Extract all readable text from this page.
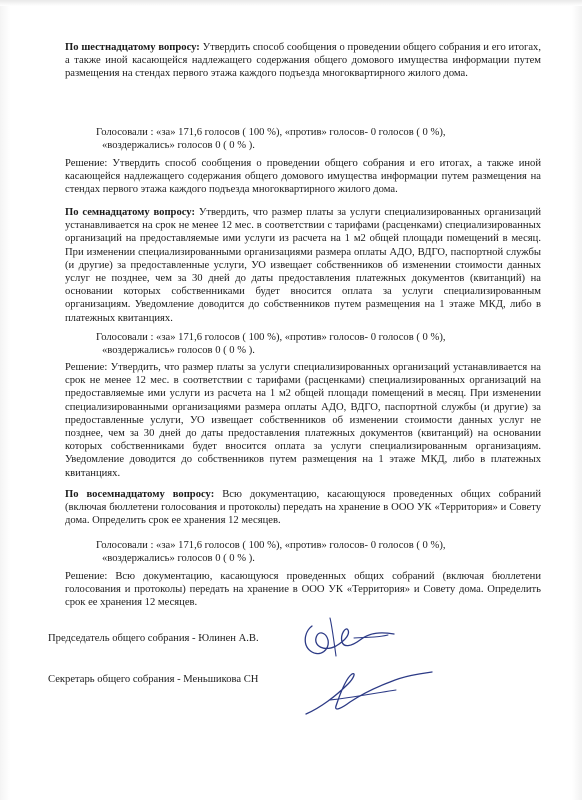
По шестнадцатому вопросу: Утвердить способ сообщения о проведении общего собрания и его итогах, а также иной касающейся надлежащего содержания общего домового имущества информации путем размещения на стендах первого этажа каждого подъезда многоквартирного жилого дома.

Голосовали : «за» 171,6 голосов ( 100 %), «против» голосов- 0 голосов ( 0 %),

«воздержались» голосов 0 ( 0 % ).

Решение: Утвердить способ сообщения о проведении общего собрания и его итогах, а также иной касающейся надлежащего содержания общего домового имущества информации путем размещения на стендах первого этажа каждого подъезда многоквартирного жилого дома.

По семнадцатому вопросу: Утвердить, что размер платы за услуги специализированных организаций устанавливается на срок не менее 12 мес. в соответствии с тарифами (расценками) специализированных организаций на предоставляемые ими услуги из расчета на 1 м2 общей площади помещений в месяц. При изменении специализированными организациями размера оплаты АДО, ВДГО, паспортной службы (и другие) за предоставленные услуги, УО извещает собственников об изменении стоимости данных услуг не позднее, чем за 30 дней до даты предоставления платежных документов (квитанций) на основании которых собственниками будет вносится оплата за услуги специализированным организациям. Уведомление доводится до собственников путем размещения на 1 этаже МКД, либо в платежных квитанциях.

Голосовали : «за» 171,6 голосов ( 100 %), «против» голосов- 0 голосов ( 0 %),

«воздержались» голосов 0 ( 0 % ).

Решение: Утвердить, что размер платы за услуги специализированных организаций устанавливается на срок не менее 12 мес. в соответствии с тарифами (расценками) специализированных организаций на предоставляемые ими услуги из расчета на 1 м2 общей площади помещений в месяц. При изменении специализированными организациями размера оплаты АДО, ВДГО, паспортной службы (и другие) за предоставленные услуги, УО извещает собственников об изменении стоимости данных услуг не позднее, чем за 30 дней до даты предоставления платежных документов (квитанций) на основании которых собственниками будет вносится оплата за услуги специализированным организациям. Уведомление доводится до собственников путем размещения на 1 этаже МКД, либо в платежных квитанциях.

По восемнадцатому вопросу: Всю документацию, касающуюся проведенных общих собраний (включая бюллетени голосования и протоколы) передать на хранение в ООО УК «Территория» и Совету дома. Определить срок ее хранения 12 месяцев.

Голосовали : «за» 171,6 голосов ( 100 %), «против» голосов- 0 голосов ( 0 %),

«воздержались» голосов 0 ( 0 % ).

Решение: Всю документацию, касающуюся проведенных общих собраний (включая бюллетени голосования и протоколы) передать на хранение в ООО УК «Территория» и Совету дома. Определить срок ее хранения 12 месяцев.

Председатель общего собрания - Юлинен А.В.
Секретарь общего собрания - Меньшикова СН
